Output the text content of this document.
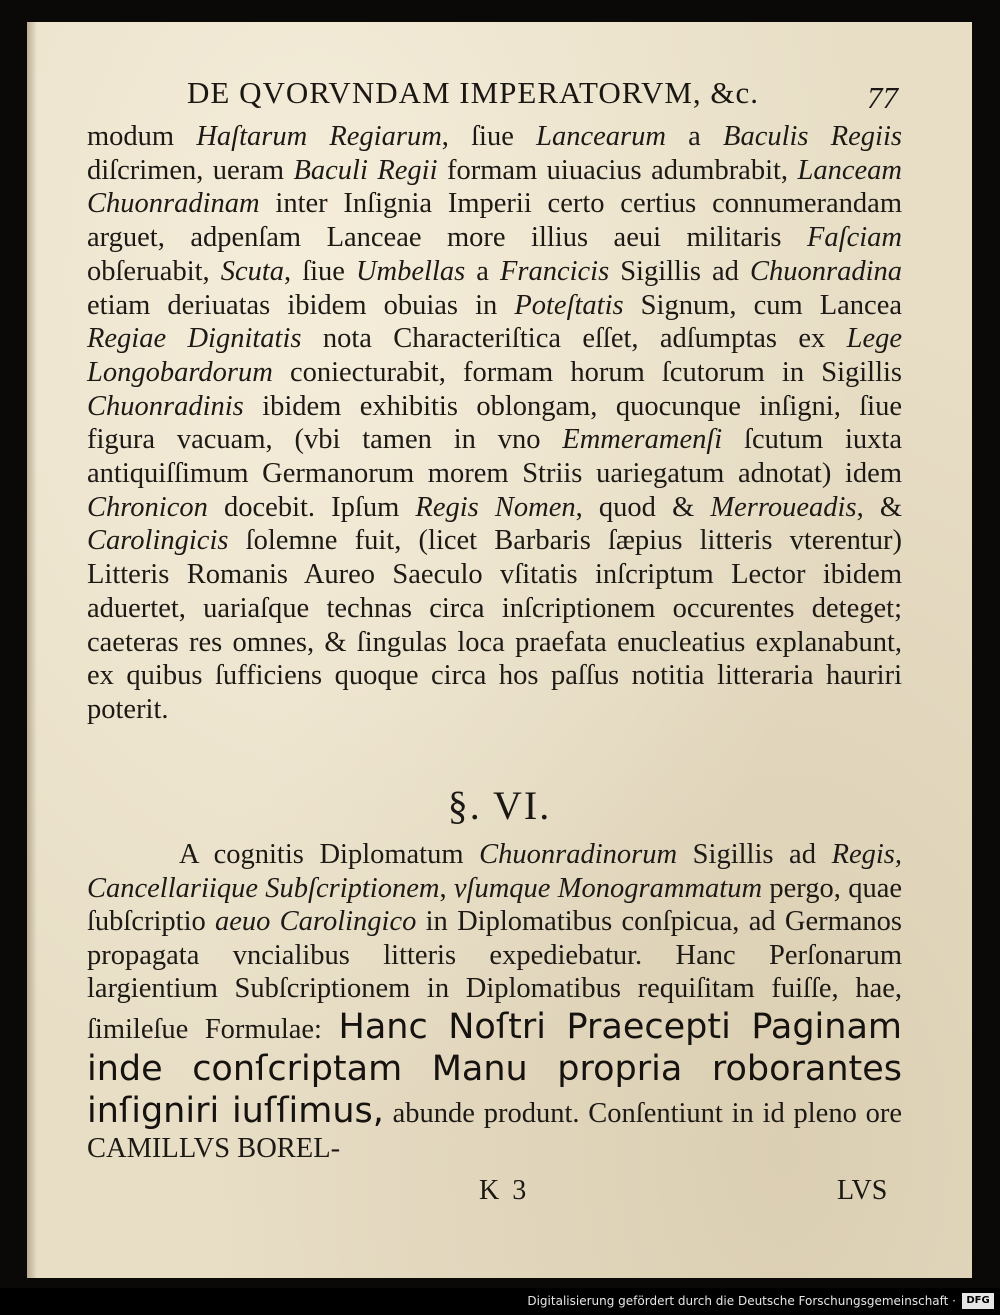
DE QVORVNDAM IMPERATORVM, &c.	77
modum Haſtarum Regiarum, ſiue Lancearum a Baculis Regiis diſcrimen, ueram Baculi Regii formam uiuacius adumbrabit, Lanceam Chuonradinam inter Inſignia Imperii certo certius connumerandam arguet, adpenſam Lanceae more illius aeui militaris Faſciam obſeruabit, Scuta, ſiue Umbellas a Francicis Sigillis ad Chuonradina etiam deriuatas ibidem obuias in Poteſtatis Signum, cum Lancea Regiae Dignitatis nota Characteriſtica eſſet, adſumptas ex Lege Longobardorum coniecturabit, formam horum ſcutorum in Sigillis Chuonradinis ibidem exhibitis oblongam, quocunque inſigni, ſiue figura vacuam, (vbi tamen in vno Emmeramenſi ſcutum iuxta antiquiſſimum Germanorum morem Striis uariegatum adnotat) idem Chronicon docebit. Ipſum Regis Nomen, quod & Merroueadis, & Carolingicis ſolemne fuit, (licet Barbaris ſæpius litteris vterentur) Litteris Romanis Aureo Saeculo vſitatis inſcriptum Lector ibidem aduertet, uariaſque technas circa inſcriptionem occurentes deteget; caeteras res omnes, & ſingulas loca praefata enucleatius explanabunt, ex quibus ſufficiens quoque circa hos paſſus notitia litteraria hauriri poterit.
§. VI.
A cognitis Diplomatum Chuonradinorum Sigillis ad Regis, Cancellariique Subſcriptionem, vſumque Monogrammatum pergo, quae ſubſcriptio aeuo Carolingico in Diplomatibus conſpicua, ad Germanos propagata vncialibus litteris expediebatur. Hanc Perſonarum largientium Subſcriptionem in Diplomatibus requiſitam fuiſſe, hae, ſimileſue Formulae: Hanc Noſtri Praecepti Paginam inde conſcriptam Manu propria roborantes inſigniri iuſſimus, abunde produnt. Conſentiunt in id pleno ore CAMILLVS BOREL-
K 3	LVS
Digitalisierung gefördert durch die Deutsche Forschungsgemeinschaft ·	DFG
